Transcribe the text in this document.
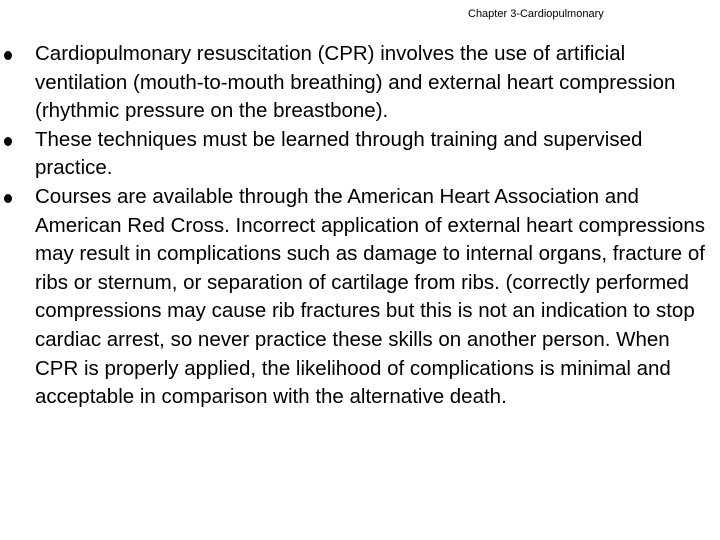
Chapter 3-Cardiopulmonary
Cardiopulmonary resuscitation (CPR) involves the use of artificial ventilation (mouth-to-mouth breathing) and external heart compression (rhythmic pressure on the breastbone).
These techniques must be learned through training and supervised practice.
Courses are available through the American Heart Association and American Red Cross. Incorrect application of external heart compressions may result in complications such as damage to internal organs, fracture of ribs or sternum, or separation of cartilage from ribs. (correctly performed compressions may cause rib fractures but this is not an indication to stop cardiac arrest, so never practice these skills on another person. When CPR is properly applied, the likelihood of complications is minimal and acceptable in comparison with the alternative death.
